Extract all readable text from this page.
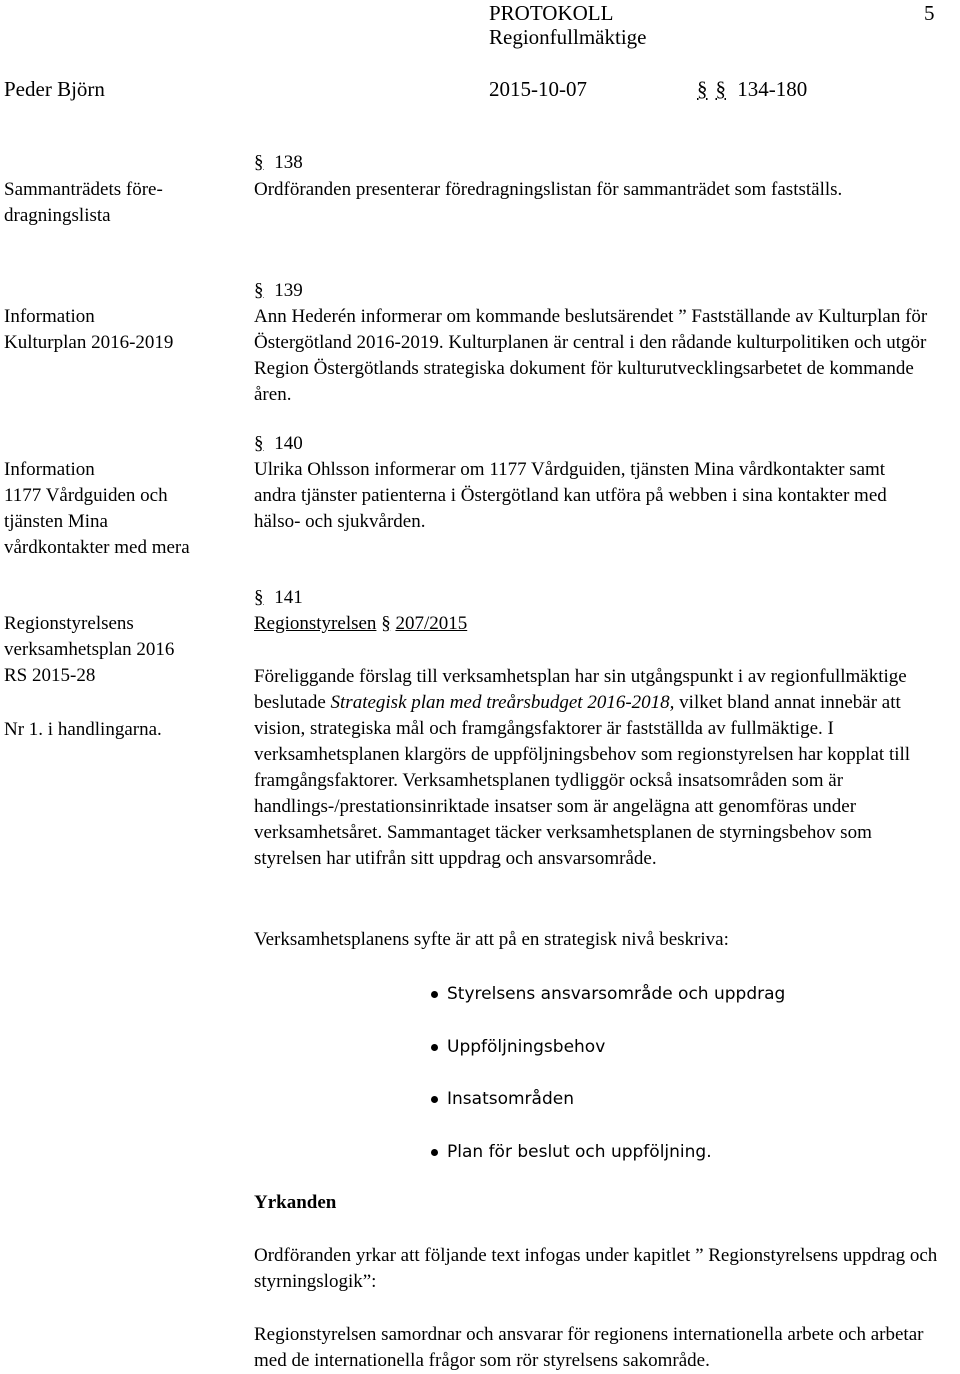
PROTOKOLL	5
Regionfullmäktige
Peder Björn	2015-10-07	§ § 134-180
Sammanträdets före-
dragningslista
§ 138
Ordföranden presenterar föredragningslistan för sammanträdet som fastställs.
Information
Kulturplan 2016-2019
§ 139
Ann Hederén informerar om kommande beslutsärendet ” Fastställande av Kulturplan för Östergötland 2016-2019. Kulturplanen är central i den rådande kulturpolitiken och utgör Region Östergötlands strategiska dokument för kulturutvecklingsarbetet de kommande åren.
Information
1177 Vårdguiden och
tjänsten Mina
vårdkontakter med mera
§ 140
Ulrika Ohlsson informerar om 1177 Vårdguiden, tjänsten Mina vårdkontakter samt andra tjänster patienterna i Östergötland kan utföra på webben i sina kontakter med hälso- och sjukvården.
Regionstyrelsens
verksamhetsplan 2016
RS 2015-28
Nr 1. i handlingarna.
§ 141
Regionstyrelsen § 207/2015
Föreliggande förslag till verksamhetsplan har sin utgångspunkt i av regionfullmäktige beslutade Strategisk plan med treårsbudget 2016-2018, vilket bland annat innebär att vision, strategiska mål och framgångsfaktorer är fastställda av fullmäktige. I verksamhetsplanen klargörs de uppföljningsbehov som regionstyrelsen har kopplat till framgångsfaktorer. Verksamhetsplanen tydliggör också insatsområden som är handlings-/prestationsinriktade insatser som är angelägna att genomföras under verksamhetsåret. Sammantaget täcker verksamhetsplanen de styrningsbehov som styrelsen har utifrån sitt uppdrag och ansvarsområde.
Verksamhetsplanens syfte är att på en strategisk nivå beskriva:
Styrelsens ansvarsområde och uppdrag
Uppföljningsbehov
Insatsområden
Plan för beslut och uppföljning.
Yrkanden
Ordföranden yrkar att följande text infogas under kapitlet ” Regionstyrelsens uppdrag och styrningslogik”:
Regionstyrelsen samordnar och ansvarar för regionens internationella arbete och arbetar med de internationella frågor som rör styrelsens sakområde.
